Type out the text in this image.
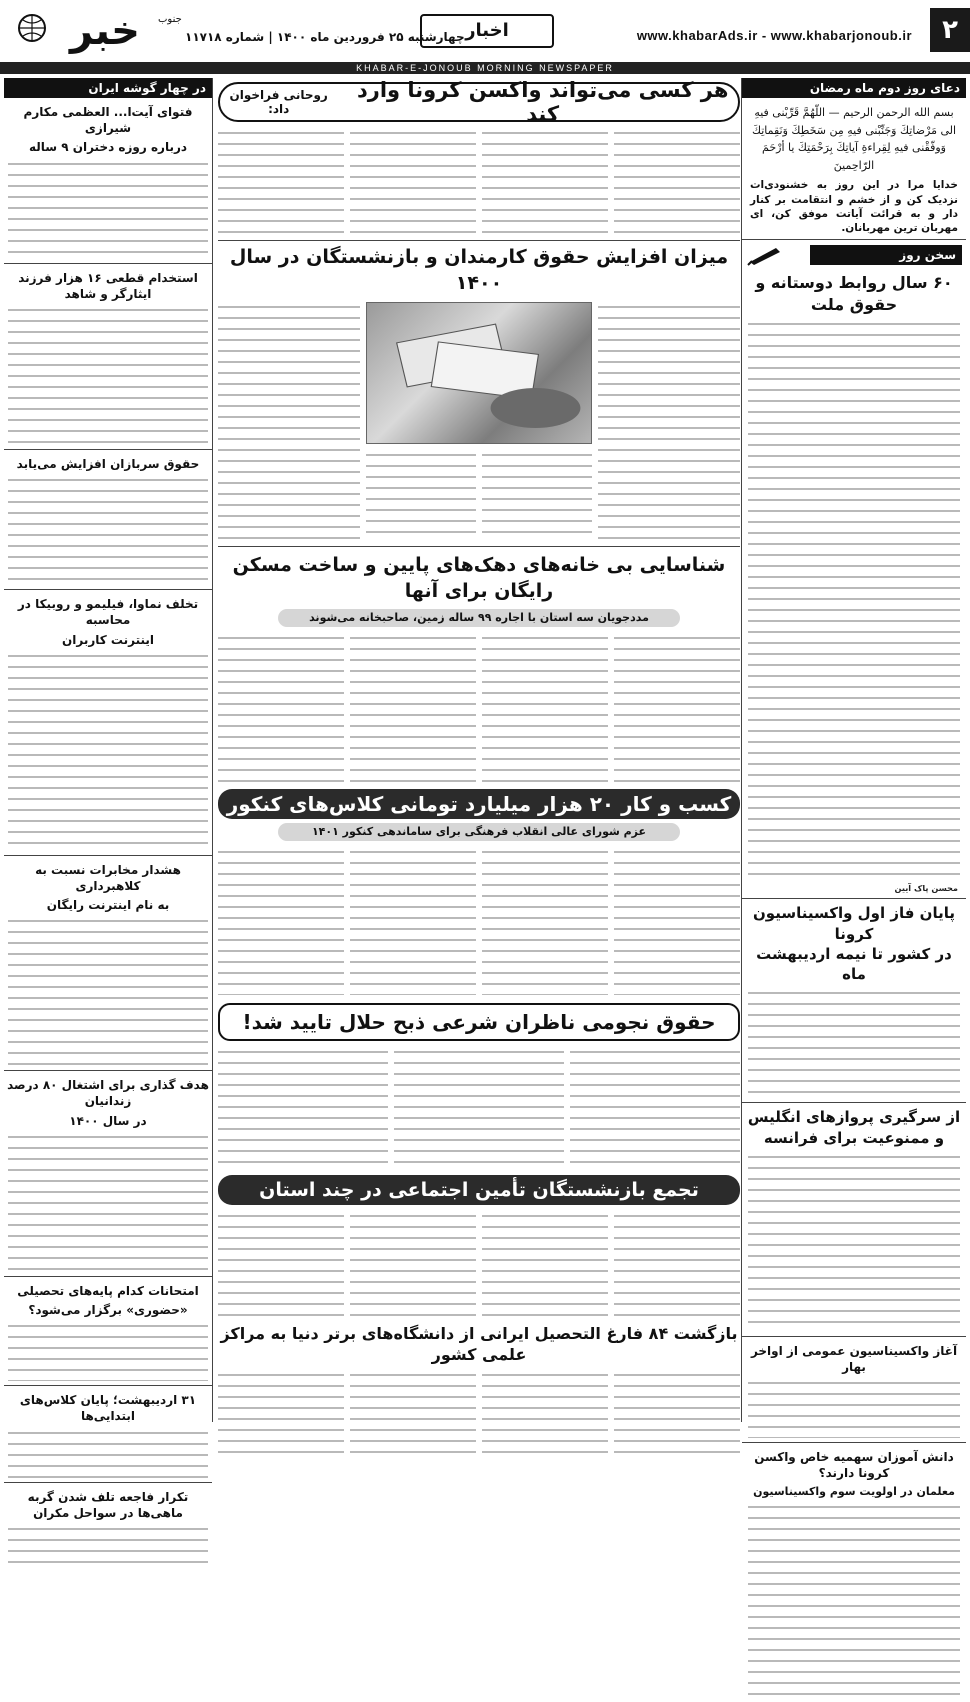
۲
www.khabarAds.ir - www.khabarjonoub.ir
اخبار
چهارشنبه ۲۵ فروردین ماه ۱۴۰۰ | شماره ۱۱۷۱۸
خبر جنوب
KHABAR-E-JONOUB MORNING NEWSPAPER
دعای روز دوم ماه رمضان
بسم الله الرحمن الرحيم — اللّهُمَّ قَرِّبْنی فیهِ الی مَرْضاتِكَ وَجَنِّبْنی فیهِ مِن سَخَطِكَ وَنَقِماتِكَ وَوفّقْنی فیهِ لِقِراءةِ آیاتِكَ بِرَحْمَتِكَ یا أرْحَمَ الرّاحِمینَ
خدایا مرا در این روز به خشنودی‌ات نزدیک کن و از خشم و انتقامت بر کنار دار و به قرائت آیاتت موفق کن، ای مهربان ترین مهربانان.
سخن روز
۶۰ سال روابط دوستانه و حقوق ملت
محسن پاک آیین
پایان فاز اول واکسیناسیون کرونا
در کشور تا نیمه اردیبهشت ماه
از سرگیری پروازهای انگلیس
و ممنوعیت برای فرانسه
آغاز واکسیناسیون عمومی از اواخر بهار
دانش آموزان سهمیه خاص واکسن کرونا دارند؟
معلمان در اولویت سوم واکسیناسیون
در چهار گوشه ایران
فتوای آیت‌ا... العظمی مکارم شیرازی
درباره روزه دختران ۹ ساله
استخدام قطعی ۱۶ هزار فرزند ایثارگر و شاهد
حقوق سربازان افزایش می‌یابد
تخلف نماوا، فیلیمو و روبیکا در محاسبه
اینترنت کاربران
هشدار مخابرات نسبت به کلاهبرداری
به نام اینترنت رایگان
هدف گذاری برای اشتغال ۸۰ درصد زندانیان
در سال ۱۴۰۰
امتحانات کدام پایه‌های تحصیلی
«حضوری» برگزار می‌شود؟
۳۱ اردیبهشت؛ پایان کلاس‌های ابتدایی‌ها
تکرار فاجعه تلف شدن گربه ماهی‌ها در سواحل مکران
هر کسی می‌تواند واکسن کرونا وارد کند
روحانی فراخوان داد:
میزان افزایش حقوق کارمندان و بازنشستگان در سال ۱۴۰۰
شناسایی بی خانه‌های دهک‌های پایین و ساخت مسکن رایگان برای آنها
مددجویان سه استان با اجاره ۹۹ ساله زمین، صاحبخانه می‌شوند
کسب و کار ۲۰ هزار میلیارد تومانی کلاس‌های کنکور
عزم شورای عالی انقلاب فرهنگی برای ساماندهی کنکور ۱۴۰۱
حقوق نجومی ناظران شرعی ذبح حلال تایید شد!
تجمع بازنشستگان تأمین اجتماعی در چند استان
بازگشت ۸۴ فارغ التحصیل ایرانی از دانشگاه‌های برتر دنیا به مراکز علمی کشور
